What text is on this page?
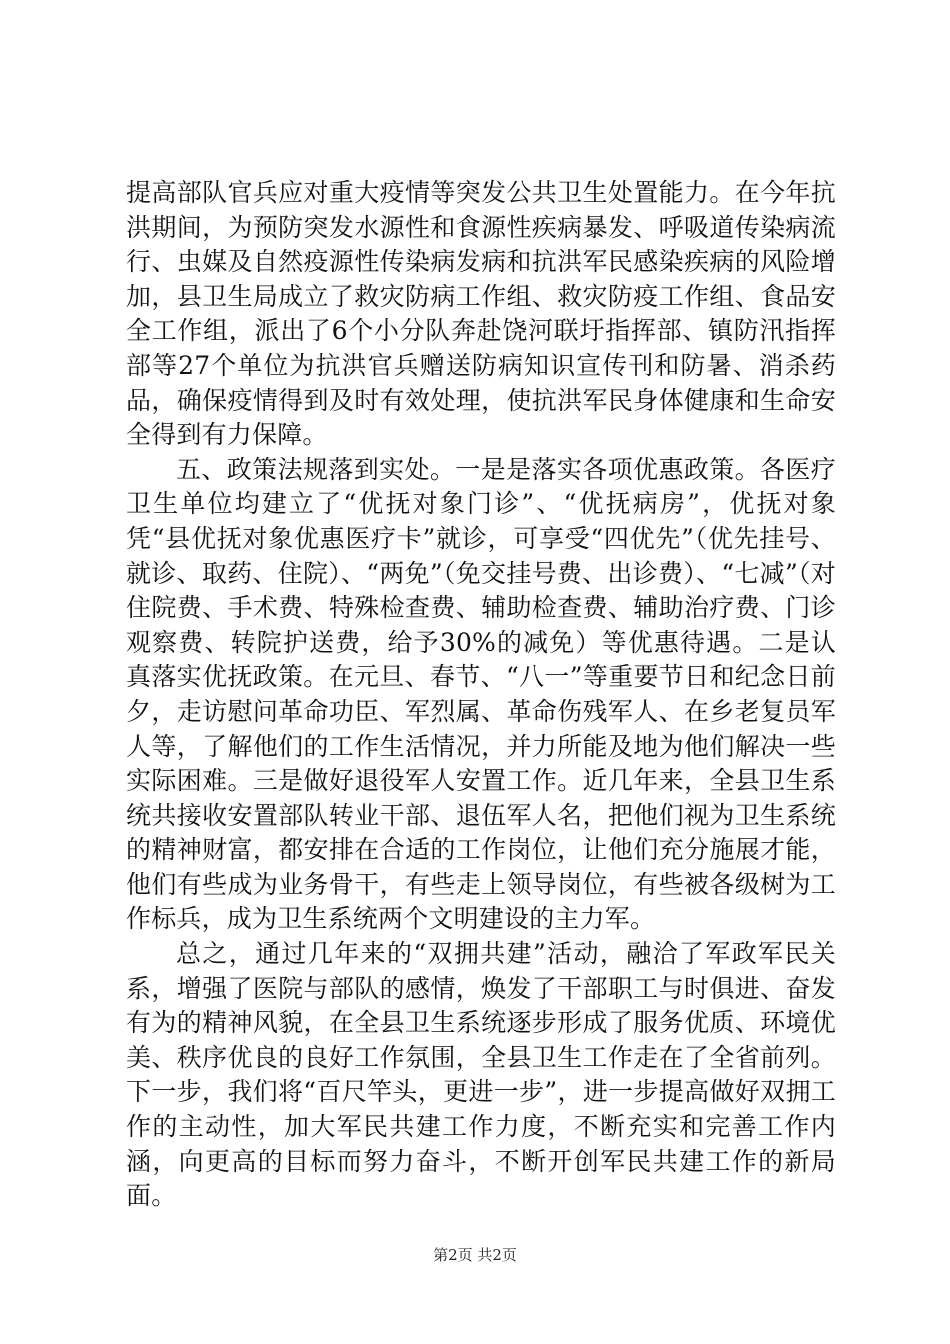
提高部队官兵应对重大疫情等突发公共卫生处置能力。在今年抗洪期间，为预防突发水源性和食源性疾病暴发、呼吸道传染病流行、虫媒及自然疫源性传染病发病和抗洪军民感染疾病的风险增加，县卫生局成立了救灾防病工作组、救灾防疫工作组、食品安全工作组，派出了6个小分队奔赴饶河联圩指挥部、镇防汛指挥部等27个单位为抗洪官兵赠送防病知识宣传刊和防暑、消杀药品，确保疫情得到及时有效处理，使抗洪军民身体健康和生命安全得到有力保障。

五、政策法规落到实处。一是是落实各项优惠政策。各医疗卫生单位均建立了“优抚对象门诊”、“优抚病房”，优抚对象凭“县优抚对象优惠医疗卡”就诊，可享受“四优先”（优先挂号、就诊、取药、住院）、“两免”（免交挂号费、出诊费）、“七减”（对住院费、手术费、特殊检查费、辅助检查费、辅助治疗费、门诊观察费、转院护送费，给予30%的减免）等优惠待遇。二是认真落实优抚政策。在元旦、春节、“八一”等重要节日和纪念日前夕，走访慰问革命功臣、军烈属、革命伤残军人、在乡老复员军人等，了解他们的工作生活情况，并力所能及地为他们解决一些实际困难。三是做好退役军人安置工作。近几年来，全县卫生系统共接收安置部队转业干部、退伍军人名，把他们视为卫生系统的精神财富，都安排在合适的工作岗位，让他们充分施展才能，他们有些成为业务骨干，有些走上领导岗位，有些被各级树为工作标兵，成为卫生系统两个文明建设的主力军。

总之，通过几年来的“双拥共建”活动，融洽了军政军民关系，增强了医院与部队的感情，焕发了干部职工与时俱进、奋发有为的精神风貌，在全县卫生系统逐步形成了服务优质、环境优美、秩序优良的良好工作氛围，全县卫生工作走在了全省前列。下一步，我们将“百尺竿头，更进一步”，进一步提高做好双拥工作的主动性，加大军民共建工作力度，不断充实和完善工作内涵，向更高的目标而努力奋斗，不断开创军民共建工作的新局面。

第2页 共2页
